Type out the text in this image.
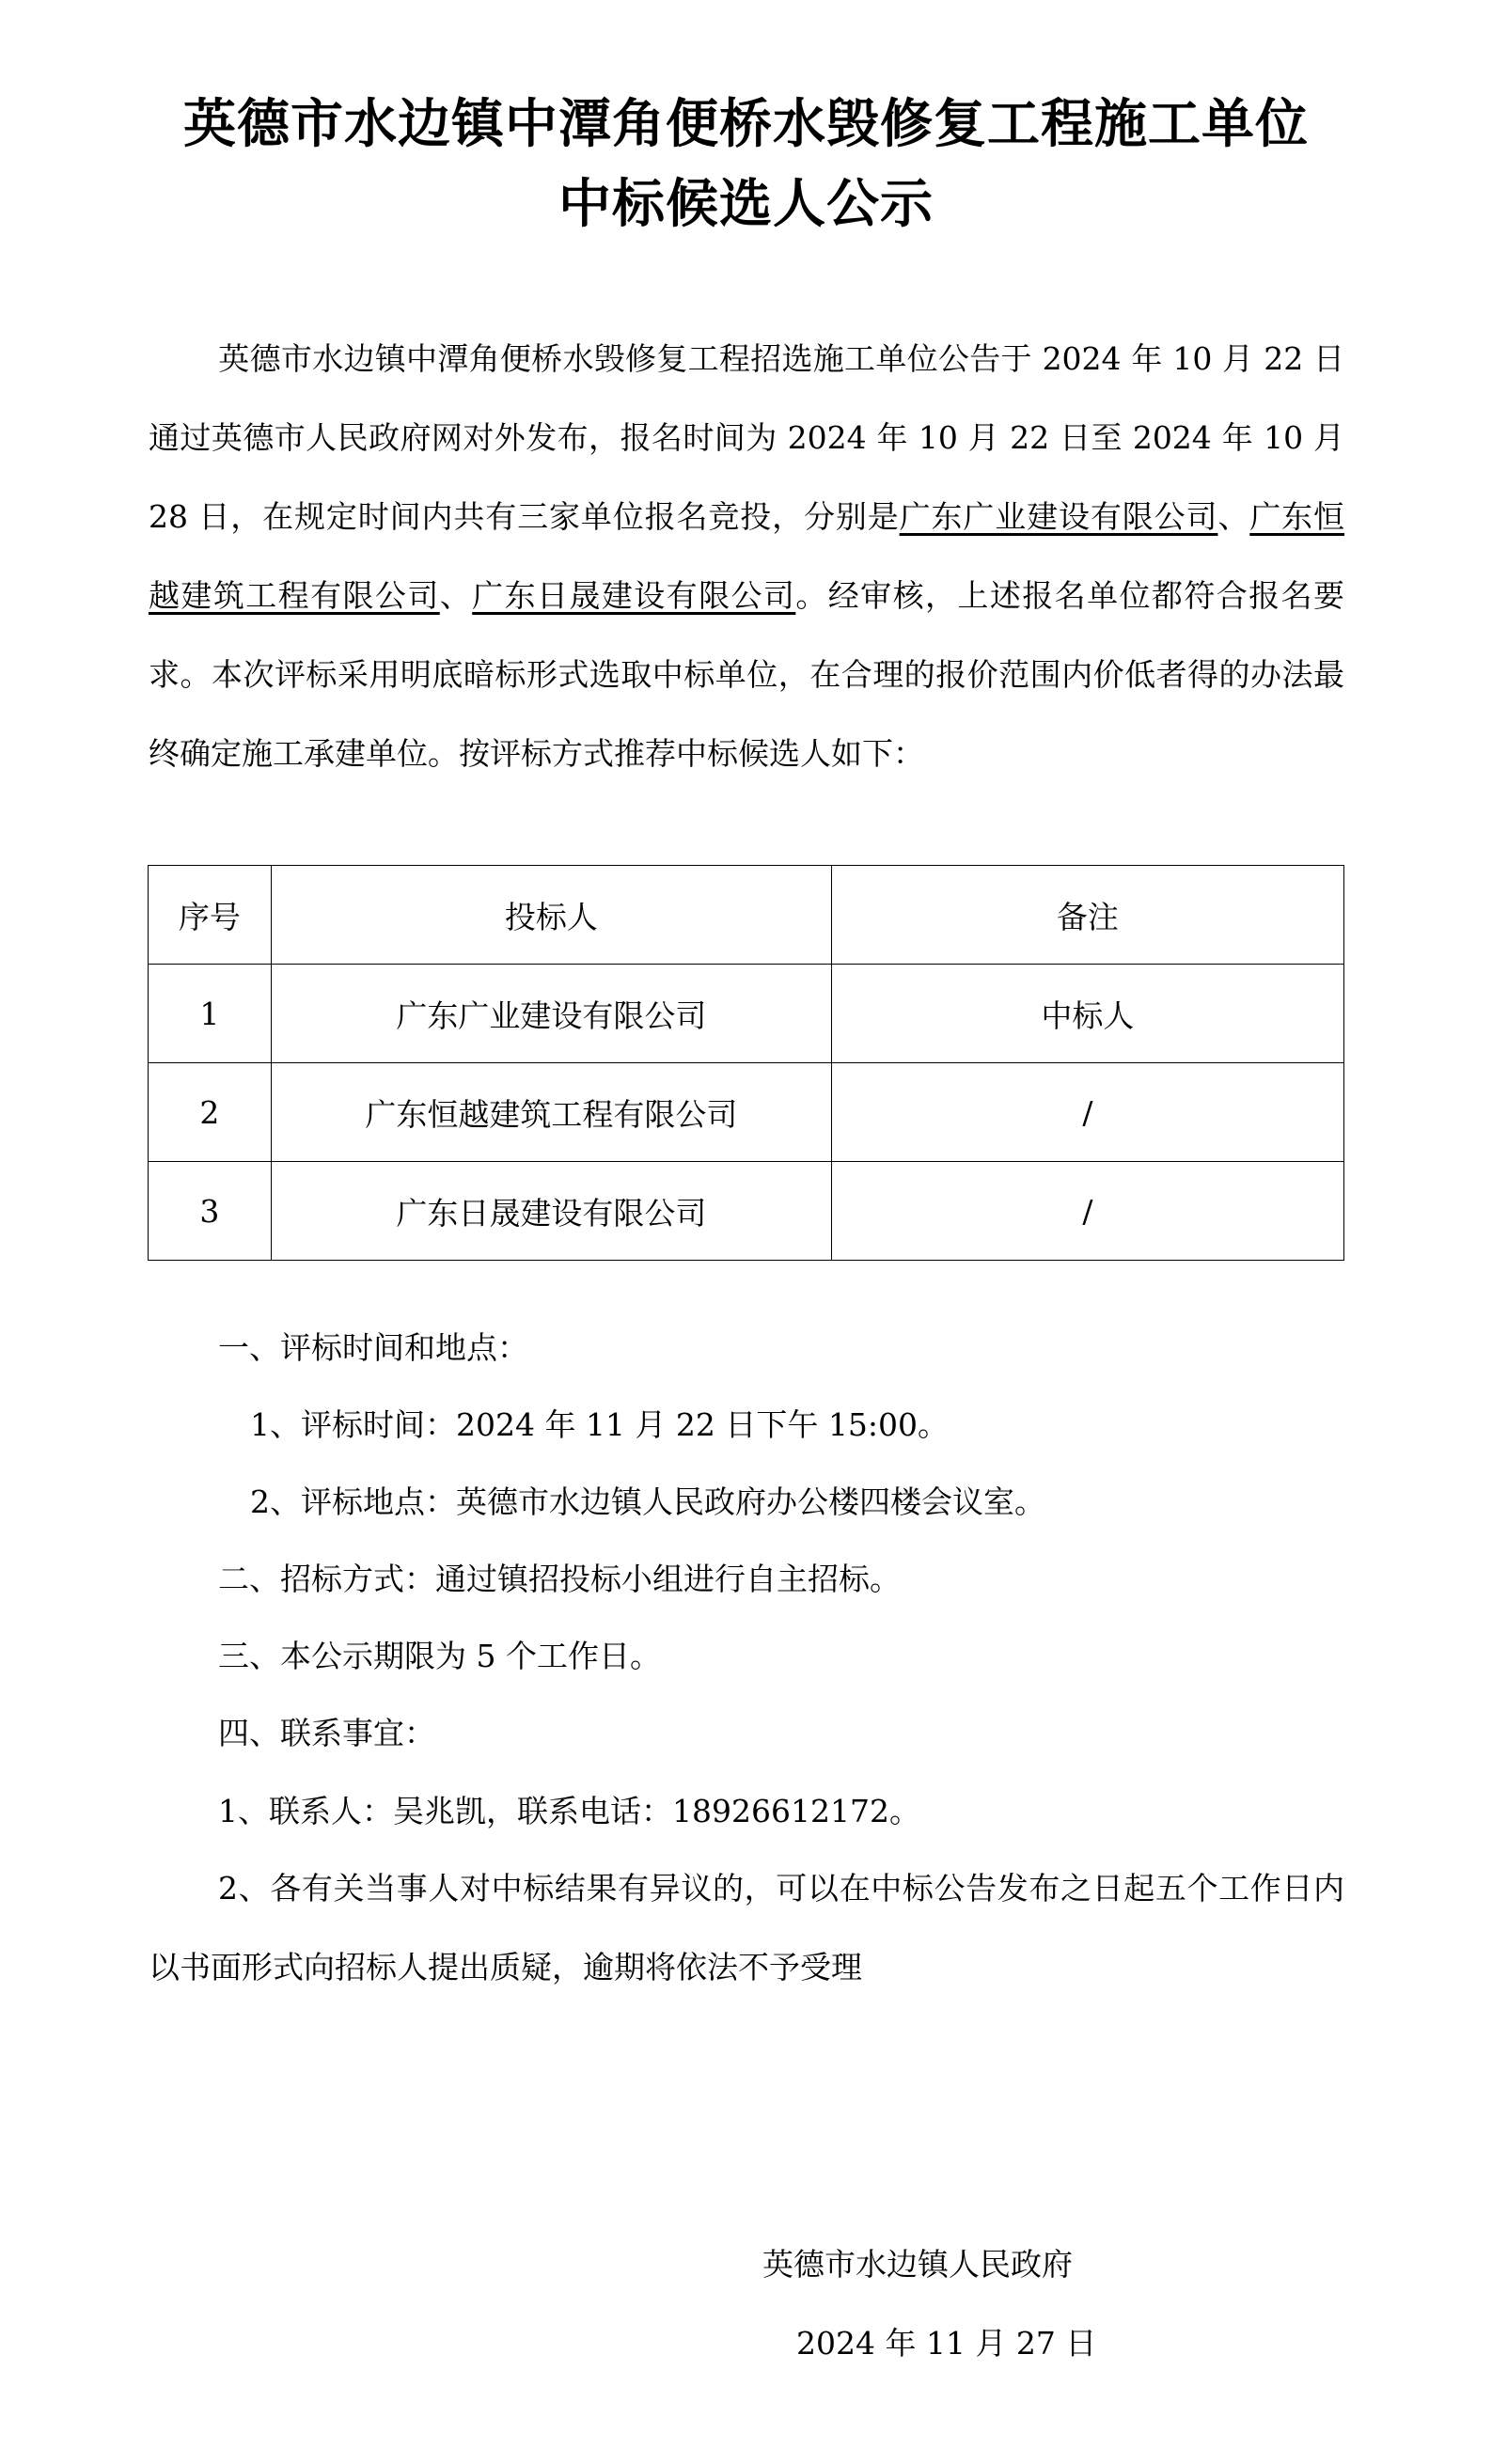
英德市水边镇中潭角便桥水毁修复工程施工单位
中标候选人公示

英德市水边镇中潭角便桥水毁修复工程招选施工单位公告于 2024 年 10 月 22 日通过英德市人民政府网对外发布，报名时间为 2024 年 10 月 22 日至 2024 年 10 月 28 日，在规定时间内共有三家单位报名竞投，分别是广东广业建设有限公司、广东恒越建筑工程有限公司、广东日晟建设有限公司。经审核，上述报名单位都符合报名要求。本次评标采用明底暗标形式选取中标单位，在合理的报价范围内价低者得的办法最终确定施工承建单位。按评标方式推荐中标候选人如下：

序号	投标人	备注
1	广东广业建设有限公司	中标人
2	广东恒越建筑工程有限公司	/
3	广东日晟建设有限公司	/
一、评标时间和地点：
1、评标时间：2024 年 11 月 22 日下午 15:00。
2、评标地点：英德市水边镇人民政府办公楼四楼会议室。
二、招标方式：通过镇招投标小组进行自主招标。
三、本公示期限为 5 个工作日。
四、联系事宜：
1、联系人：吴兆凯，联系电话：18926612172。

2、各有关当事人对中标结果有异议的，可以在中标公告发布之日起五个工作日内以书面形式向招标人提出质疑，逾期将依法不予受理

英德市水边镇人民政府
2024 年 11 月 27 日
